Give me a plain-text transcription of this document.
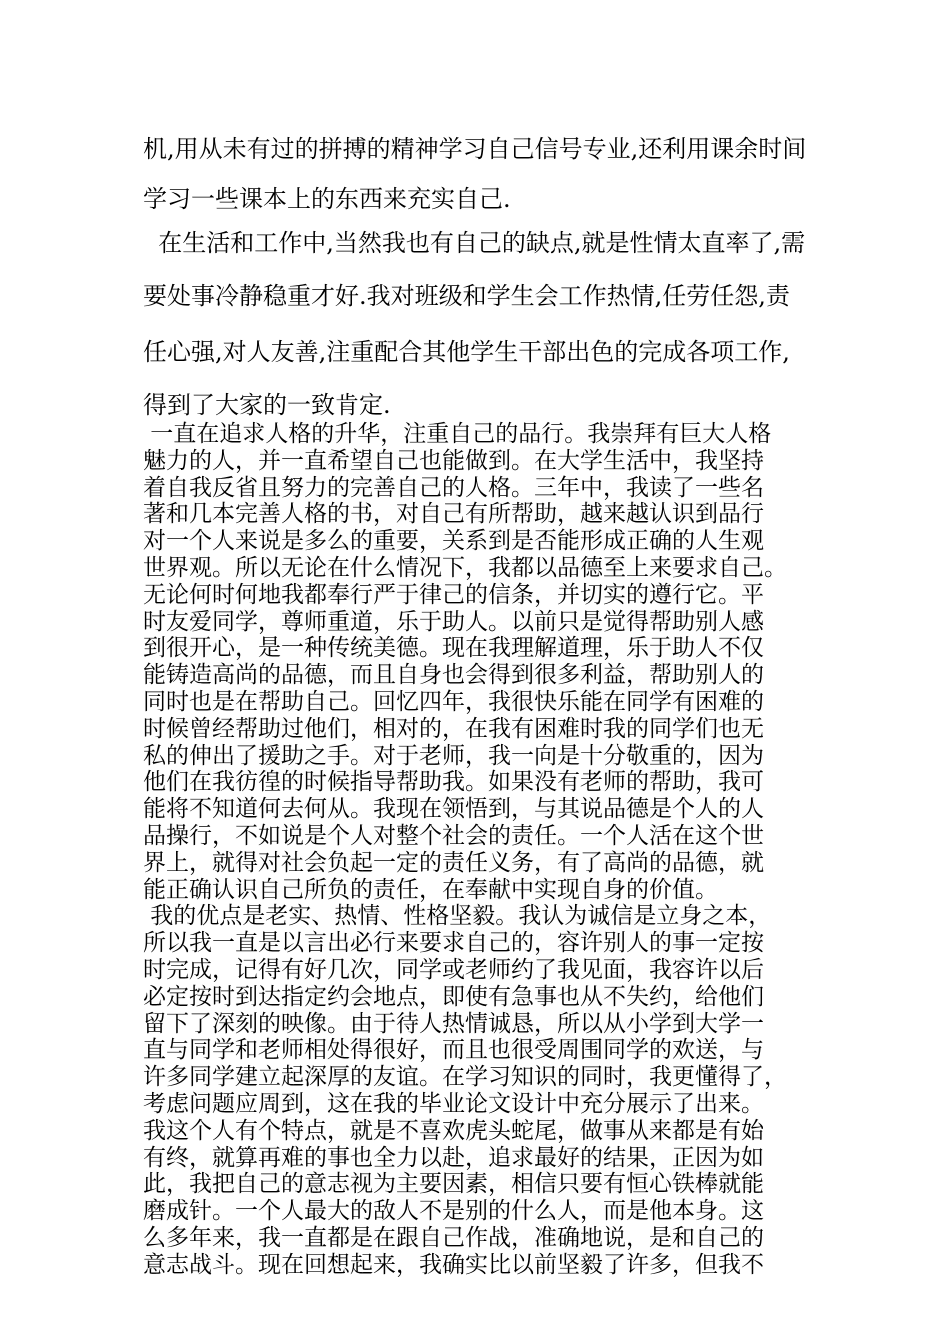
机,用从未有过的拼搏的精神学习自己信号专业,还利用课余时间
学习一些课本上的东西来充实自己.
在生活和工作中,当然我也有自己的缺点,就是性情太直率了,需
要处事冷静稳重才好.我对班级和学生会工作热情,任劳任怨,责
任心强,对人友善,注重配合其他学生干部出色的完成各项工作,
得到了大家的一致肯定.
一直在追求人格的升华，注重自己的品行。我崇拜有巨大人格
魅力的人，并一直希望自己也能做到。在大学生活中，我坚持
着自我反省且努力的完善自己的人格。三年中，我读了一些名
著和几本完善人格的书，对自己有所帮助，越来越认识到品行
对一个人来说是多么的重要，关系到是否能形成正确的人生观
世界观。所以无论在什么情况下，我都以品德至上来要求自己。
无论何时何地我都奉行严于律己的信条，并切实的遵行它。平
时友爱同学，尊师重道，乐于助人。以前只是觉得帮助别人感
到很开心，是一种传统美德。现在我理解道理，乐于助人不仅
能铸造高尚的品德，而且自身也会得到很多利益，帮助别人的
同时也是在帮助自己。回忆四年，我很快乐能在同学有困难的
时候曾经帮助过他们，相对的，在我有困难时我的同学们也无
私的伸出了援助之手。对于老师，我一向是十分敬重的，因为
他们在我彷徨的时候指导帮助我。如果没有老师的帮助，我可
能将不知道何去何从。我现在领悟到，与其说品德是个人的人
品操行，不如说是个人对整个社会的责任。一个人活在这个世
界上，就得对社会负起一定的责任义务，有了高尚的品德，就
能正确认识自己所负的责任，在奉献中实现自身的价值。
我的优点是老实、热情、性格坚毅。我认为诚信是立身之本，
所以我一直是以言出必行来要求自己的，容许别人的事一定按
时完成，记得有好几次，同学或老师约了我见面，我容许以后
必定按时到达指定约会地点，即使有急事也从不失约，给他们
留下了深刻的映像。由于待人热情诚恳，所以从小学到大学一
直与同学和老师相处得很好，而且也很受周围同学的欢送，与
许多同学建立起深厚的友谊。在学习知识的同时，我更懂得了，
考虑问题应周到，这在我的毕业论文设计中充分展示了出来。
我这个人有个特点，就是不喜欢虎头蛇尾，做事从来都是有始
有终，就算再难的事也全力以赴，追求最好的结果，正因为如
此，我把自己的意志视为主要因素，相信只要有恒心铁棒就能
磨成针。一个人最大的敌人不是别的什么人，而是他本身。这
么多年来，我一直都是在跟自己作战，准确地说，是和自己的
意志战斗。现在回想起来，我确实比以前坚毅了许多，但我不
